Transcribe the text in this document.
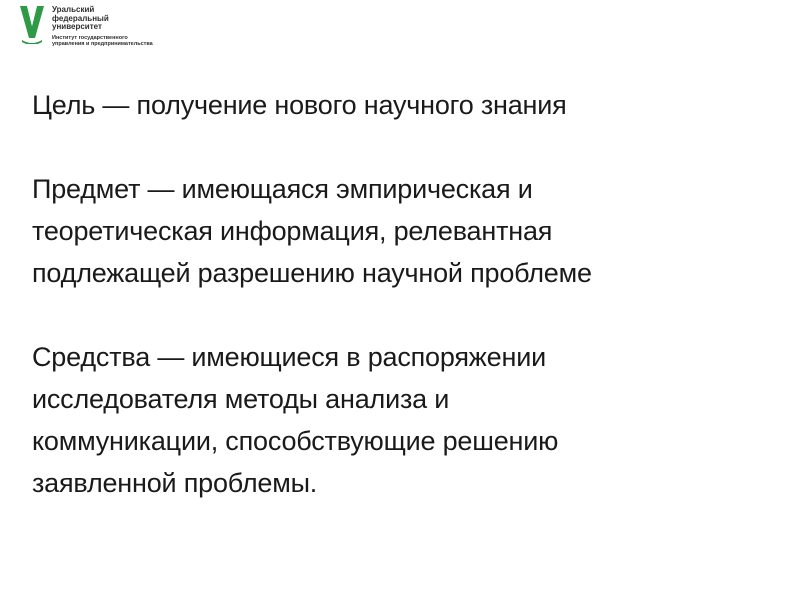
Уральский
федеральный
университет
Институт государственного
управления и предпринимательства

Цель — получение нового научного знания

Предмет — имеющаяся эмпирическая и
теоретическая информация, релевантная
подлежащей разрешению научной проблеме

Средства — имеющиеся в распоряжении
исследователя методы анализа и
коммуникации, способствующие решению
заявленной проблемы.
